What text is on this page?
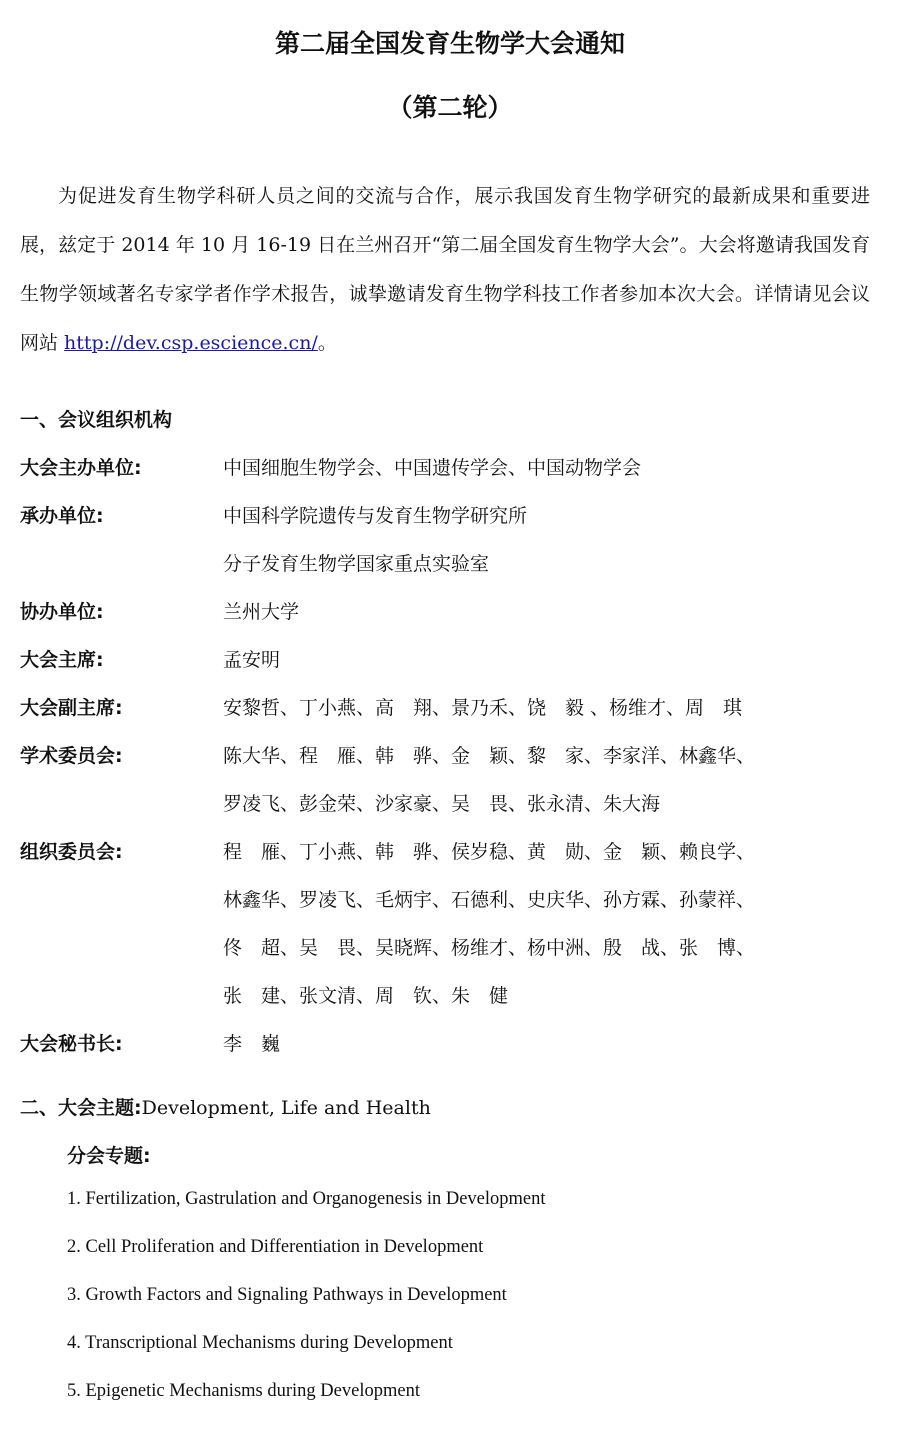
第二届全国发育生物学大会通知
（第二轮）

为促进发育生物学科研人员之间的交流与合作，展示我国发育生物学研究的最新成果和重要进展，兹定于 2014 年 10 月 16-19 日在兰州召开“第二届全国发育生物学大会”。大会将邀请我国发育生物学领域著名专家学者作学术报告，诚挚邀请发育生物学科技工作者参加本次大会。详情请见会议网站 http://dev.csp.escience.cn/。

一、会议组织机构
大会主办单位:	中国细胞生物学会、中国遗传学会、中国动物学会
承办单位:	中国科学院遗传与发育生物学研究所
分子发育生物学国家重点实验室
协办单位:	兰州大学
大会主席:	孟安明
大会副主席:	安黎哲、丁小燕、高　翔、景乃禾、饶　毅 、杨维才、周　琪
学术委员会:	陈大华、程　雁、韩　骅、金　颖、黎　家、李家洋、林鑫华、
罗凌飞、彭金荣、沙家豪、吴　畏、张永清、朱大海
组织委员会:	程　雁、丁小燕、韩　骅、侯岁稳、黄　勋、金　颖、赖良学、
林鑫华、罗凌飞、毛炳宇、石德利、史庆华、孙方霖、孙蒙祥、
佟　超、吴　畏、吴晓辉、杨维才、杨中洲、殷　战、张　博、
张　建、张文清、周　钦、朱　健
大会秘书长:	李　巍
二、大会主题:Development, Life and Health
分会专题:
1. Fertilization, Gastrulation and Organogenesis in Development
2. Cell Proliferation and Differentiation in Development
3. Growth Factors and Signaling Pathways in Development
4. Transcriptional Mechanisms during Development
5. Epigenetic Mechanisms during Development
